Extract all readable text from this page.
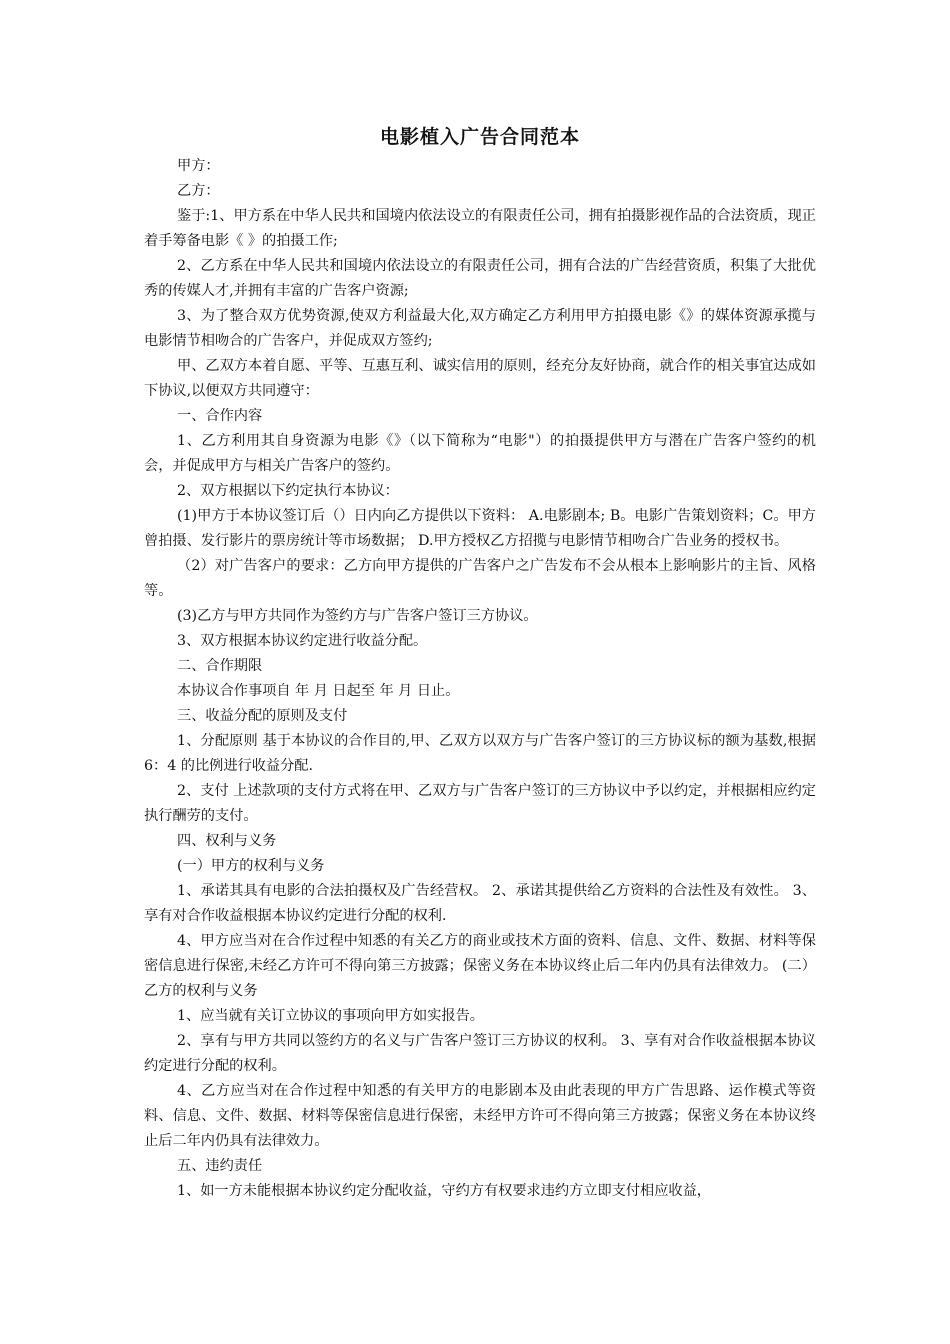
电影植入广告合同范本

甲方：

乙方：

鉴于:1、甲方系在中华人民共和国境内依法设立的有限责任公司，拥有拍摄影视作品的合法资质，现正着手筹备电影《 》的拍摄工作;

2、乙方系在中华人民共和国境内依法设立的有限责任公司，拥有合法的广告经营资质，积集了大批优秀的传媒人才,并拥有丰富的广告客户资源;

3、为了整合双方优势资源,使双方利益最大化,双方确定乙方利用甲方拍摄电影《》的媒体资源承揽与电影情节相吻合的广告客户，并促成双方签约;

甲、乙双方本着自愿、平等、互惠互利、诚实信用的原则，经充分友好协商，就合作的相关事宜达成如下协议,以便双方共同遵守：

一、合作内容

1、乙方利用其自身资源为电影《》（以下简称为“电影"）的拍摄提供甲方与潜在广告客户签约的机会，并促成甲方与相关广告客户的签约。

2、双方根据以下约定执行本协议：

(1)甲方于本协议签订后（）日内向乙方提供以下资料： A.电影剧本; B。电影广告策划资料；C。甲方曾拍摄、发行影片的票房统计等市场数据； D.甲方授权乙方招揽与电影情节相吻合广告业务的授权书。

（2）对广告客户的要求：乙方向甲方提供的广告客户之广告发布不会从根本上影响影片的主旨、风格等。

(3)乙方与甲方共同作为签约方与广告客户签订三方协议。

3、双方根据本协议约定进行收益分配。

二、合作期限

本协议合作事项自 年 月 日起至 年 月 日止。

三、收益分配的原则及支付

1、分配原则 基于本协议的合作目的,甲、乙双方以双方与广告客户签订的三方协议标的额为基数,根据 6：4 的比例进行收益分配.

2、支付 上述款项的支付方式将在甲、乙双方与广告客户签订的三方协议中予以约定，并根据相应约定执行酬劳的支付。

四、权利与义务

(一）甲方的权利与义务

1、承诺其具有电影的合法拍摄权及广告经营权。 2、承诺其提供给乙方资料的合法性及有效性。 3、享有对合作收益根据本协议约定进行分配的权利.

4、甲方应当对在合作过程中知悉的有关乙方的商业或技术方面的资料、信息、文件、数据、材料等保密信息进行保密,未经乙方许可不得向第三方披露；保密义务在本协议终止后二年内仍具有法律效力。 (二） 乙方的权利与义务

1、应当就有关订立协议的事项向甲方如实报告。

2、享有与甲方共同以签约方的名义与广告客户签订三方协议的权利。 3、享有对合作收益根据本协议约定进行分配的权利。

4、乙方应当对在合作过程中知悉的有关甲方的电影剧本及由此表现的甲方广告思路、运作模式等资料、信息、文件、数据、材料等保密信息进行保密，未经甲方许可不得向第三方披露；保密义务在本协议终止后二年内仍具有法律效力。

五、违约责任

1、如一方未能根据本协议约定分配收益，守约方有权要求违约方立即支付相应收益，
